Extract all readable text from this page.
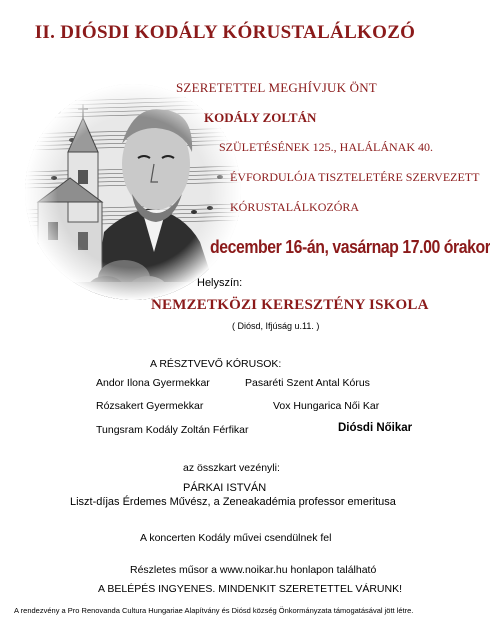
II. DIÓSDI KODÁLY KÓRUSTALÁLKOZÓ
SZERETETTEL MEGHÍVJUK ÖNT
KODÁLY ZOLTÁN
SZÜLETÉSÉNEK 125., HALÁLÁNAK 40.
ÉVFORDULÓJA TISZTELETÉRE SZERVEZETT
KÓRUSTALÁLKOZÓRA
december 16-án, vasárnap 17.00 órakor
Helyszín:
NEMZETKÖZI KERESZTÉNY ISKOLA
( Diósd, Ifjúság u.11. )
A RÉSZTVEVŐ KÓRUSOK:
Andor Ilona Gyermekkar	Pasaréti Szent Antal Kórus
Rózsakert Gyermekkar	Vox Hungarica Női Kar
Tungsram Kodály Zoltán Férfikar	Diósdi Nőikar
az összkart vezényli:
PÁRKAI ISTVÁN
Liszt-díjas Érdemes Művész, a Zeneakadémia professor emeritusa
A koncerten Kodály művei csendülnek fel
Részletes műsor a www.noikar.hu honlapon található
A BELÉPÉS INGYENES. MINDENKIT SZERETETTEL VÁRUNK!
A rendezvény a Pro Renovanda Cultura Hungariae Alapítvány és Diósd község Önkormányzata támogatásával jött létre.
